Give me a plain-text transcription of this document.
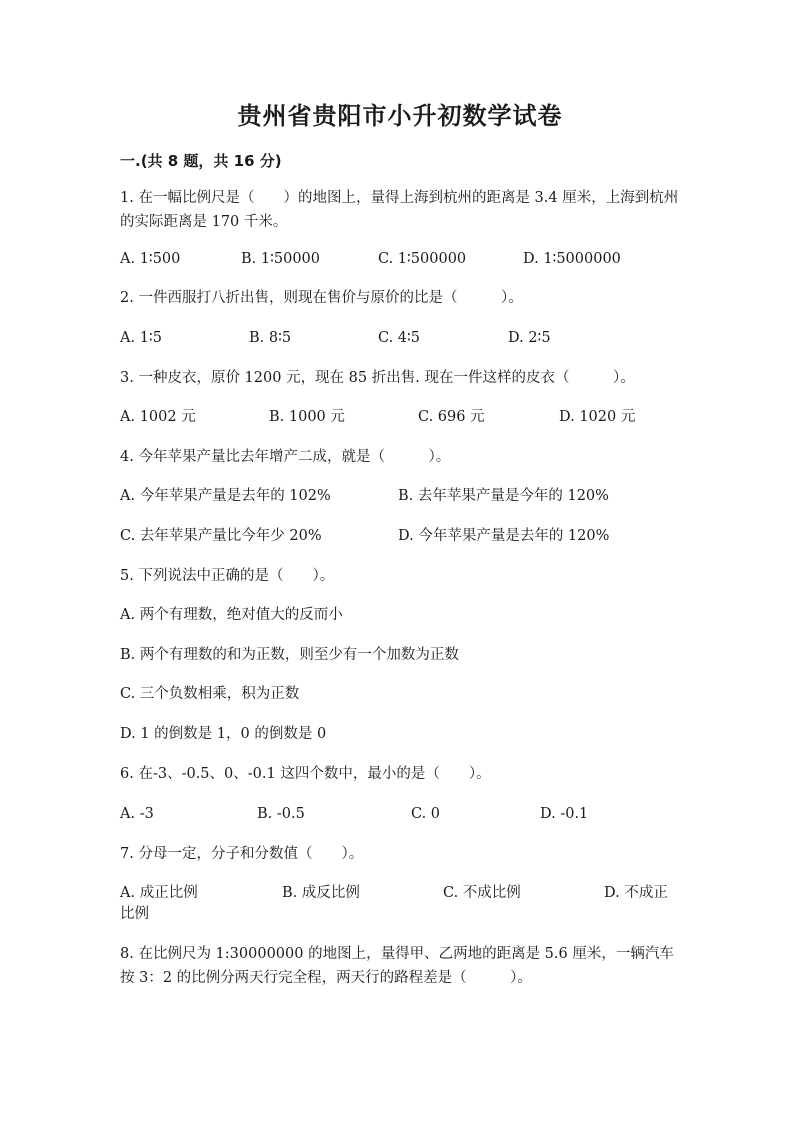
贵州省贵阳市小升初数学试卷
一.(共 8 题，共 16 分)
1. 在一幅比例尺是（　　）的地图上，量得上海到杭州的距离是 3.4 厘米，上海到杭州的实际距离是 170 千米。
A. 1∶500	B. 1∶50000	C. 1∶500000	D. 1∶5000000
2. 一件西服打八折出售，则现在售价与原价的比是（　　　）。
A. 1∶5	B. 8∶5	C. 4∶5	D. 2∶5
3. 一种皮衣，原价 1200 元，现在 85 折出售. 现在一件这样的皮衣（　　　）。
A. 1002 元	B. 1000 元	C. 696 元	D. 1020 元
4. 今年苹果产量比去年增产二成，就是（　　　）。
A. 今年苹果产量是去年的 102%	B. 去年苹果产量是今年的 120%
C. 去年苹果产量比今年少 20%	D. 今年苹果产量是去年的 120%
5. 下列说法中正确的是（　　）。
A. 两个有理数，绝对值大的反而小
B. 两个有理数的和为正数，则至少有一个加数为正数
C. 三个负数相乘，积为正数
D. 1 的倒数是 1，0 的倒数是 0
6. 在-3、-0.5、0、-0.1 这四个数中，最小的是（　　）。
A. -3	B. -0.5	C. 0	D. -0.1
7. 分母一定，分子和分数值（　　）。
A. 成正比例	B. 成反比例	C. 不成比例	D. 不成正比例
8. 在比例尺为 1:30000000 的地图上，量得甲、乙两地的距离是 5.6 厘米，一辆汽车按 3：2 的比例分两天行完全程，两天行的路程差是（　　　）。
